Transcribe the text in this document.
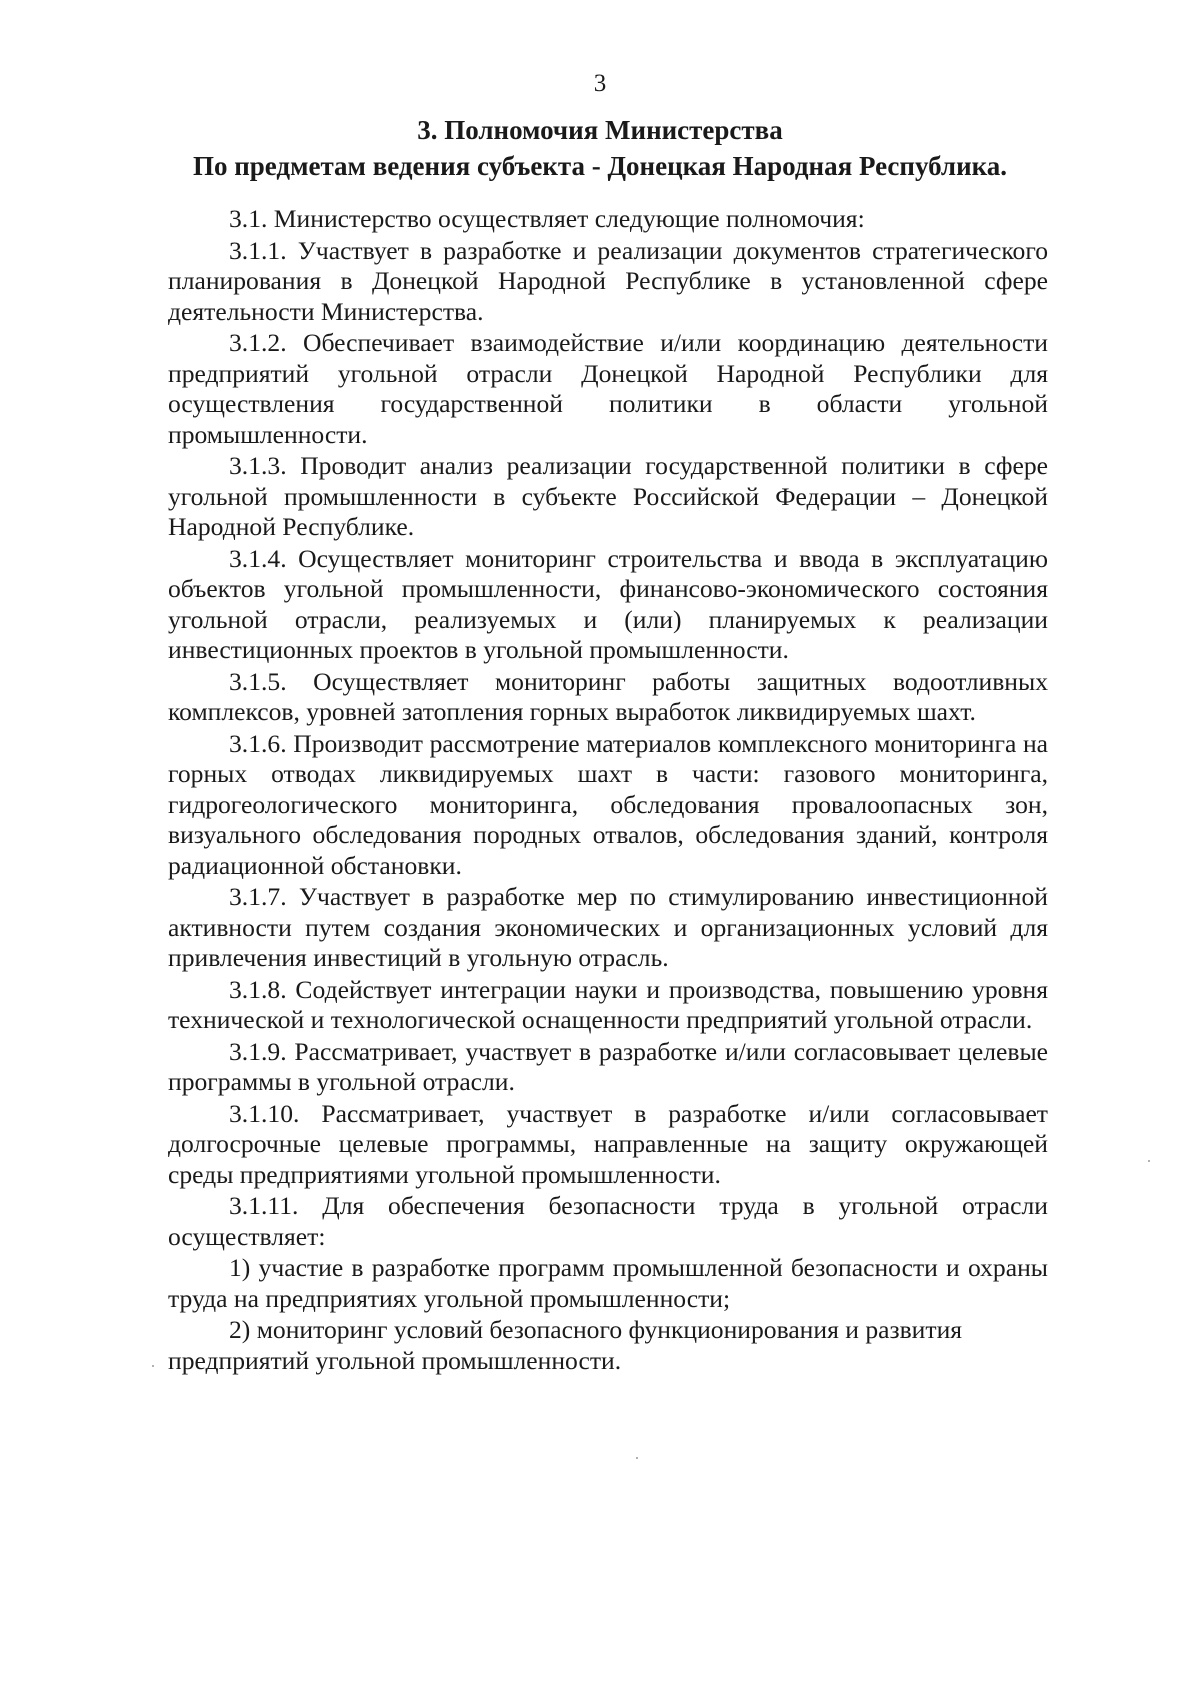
3
3. Полномочия Министерства
По предметам ведения субъекта - Донецкая Народная Республика.

3.1. Министерство осуществляет следующие полномочия:

3.1.1. Участвует в разработке и реализации документов стратегического планирования в Донецкой Народной Республике в установленной сфере деятельности Министерства.

3.1.2. Обеспечивает взаимодействие и/или координацию деятельности предприятий угольной отрасли Донецкой Народной Республики для осуществления государственной политики в области угольной промышленности.

3.1.3. Проводит анализ реализации государственной политики в сфере угольной промышленности в субъекте Российской Федерации – Донецкой Народной Республике.

3.1.4. Осуществляет мониторинг строительства и ввода в эксплуатацию объектов угольной промышленности, финансово-экономического состояния угольной отрасли, реализуемых и (или) планируемых к реализации инвестиционных проектов в угольной промышленности.

3.1.5. Осуществляет мониторинг работы защитных водоотливных комплексов, уровней затопления горных выработок ликвидируемых шахт.

3.1.6. Производит рассмотрение материалов комплексного мониторинга на горных отводах ликвидируемых шахт в части: газового мониторинга, гидрогеологического мониторинга, обследования провалоопасных зон, визуального обследования породных отвалов, обследования зданий, контроля радиационной обстановки.

3.1.7. Участвует в разработке мер по стимулированию инвестиционной активности путем создания экономических и организационных условий для привлечения инвестиций в угольную отрасль.

3.1.8. Содействует интеграции науки и производства, повышению уровня технической и технологической оснащенности предприятий угольной отрасли.

3.1.9. Рассматривает, участвует в разработке и/или согласовывает целевые программы в угольной отрасли.

3.1.10. Рассматривает, участвует в разработке и/или согласовывает долгосрочные целевые программы, направленные на защиту окружающей среды предприятиями угольной промышленности.

3.1.11. Для обеспечения безопасности труда в угольной отрасли осуществляет:

1) участие в разработке программ промышленной безопасности и охраны труда на предприятиях угольной промышленности;

2) мониторинг условий безопасного функционирования и развития предприятий угольной промышленности.
